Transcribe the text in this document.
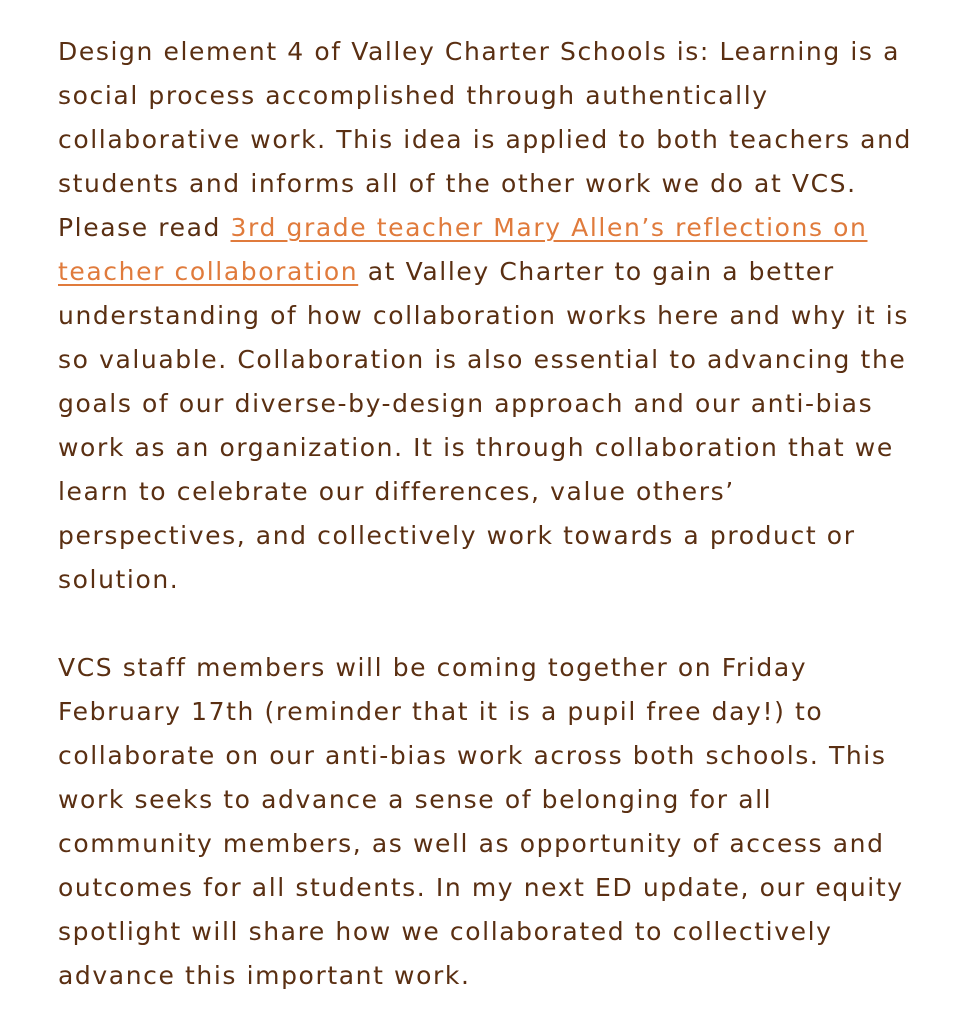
Design element 4 of Valley Charter Schools is: Learning is a social process accomplished through authentically collaborative work. This idea is applied to both teachers and students and informs all of the other work we do at VCS. Please read 3rd grade teacher Mary Allen’s reflections on teacher collaboration at Valley Charter to gain a better understanding of how collaboration works here and why it is so valuable. Collaboration is also essential to advancing the goals of our diverse-by-design approach and our anti-bias work as an organization. It is through collaboration that we learn to celebrate our differences, value others’ perspectives, and collectively work towards a product or solution.

VCS staff members will be coming together on Friday February 17th (reminder that it is a pupil free day!) to collaborate on our anti-bias work across both schools. This work seeks to advance a sense of belonging for all community members, as well as opportunity of access and outcomes for all students. In my next ED update, our equity spotlight will share how we collaborated to collectively advance this important work.
